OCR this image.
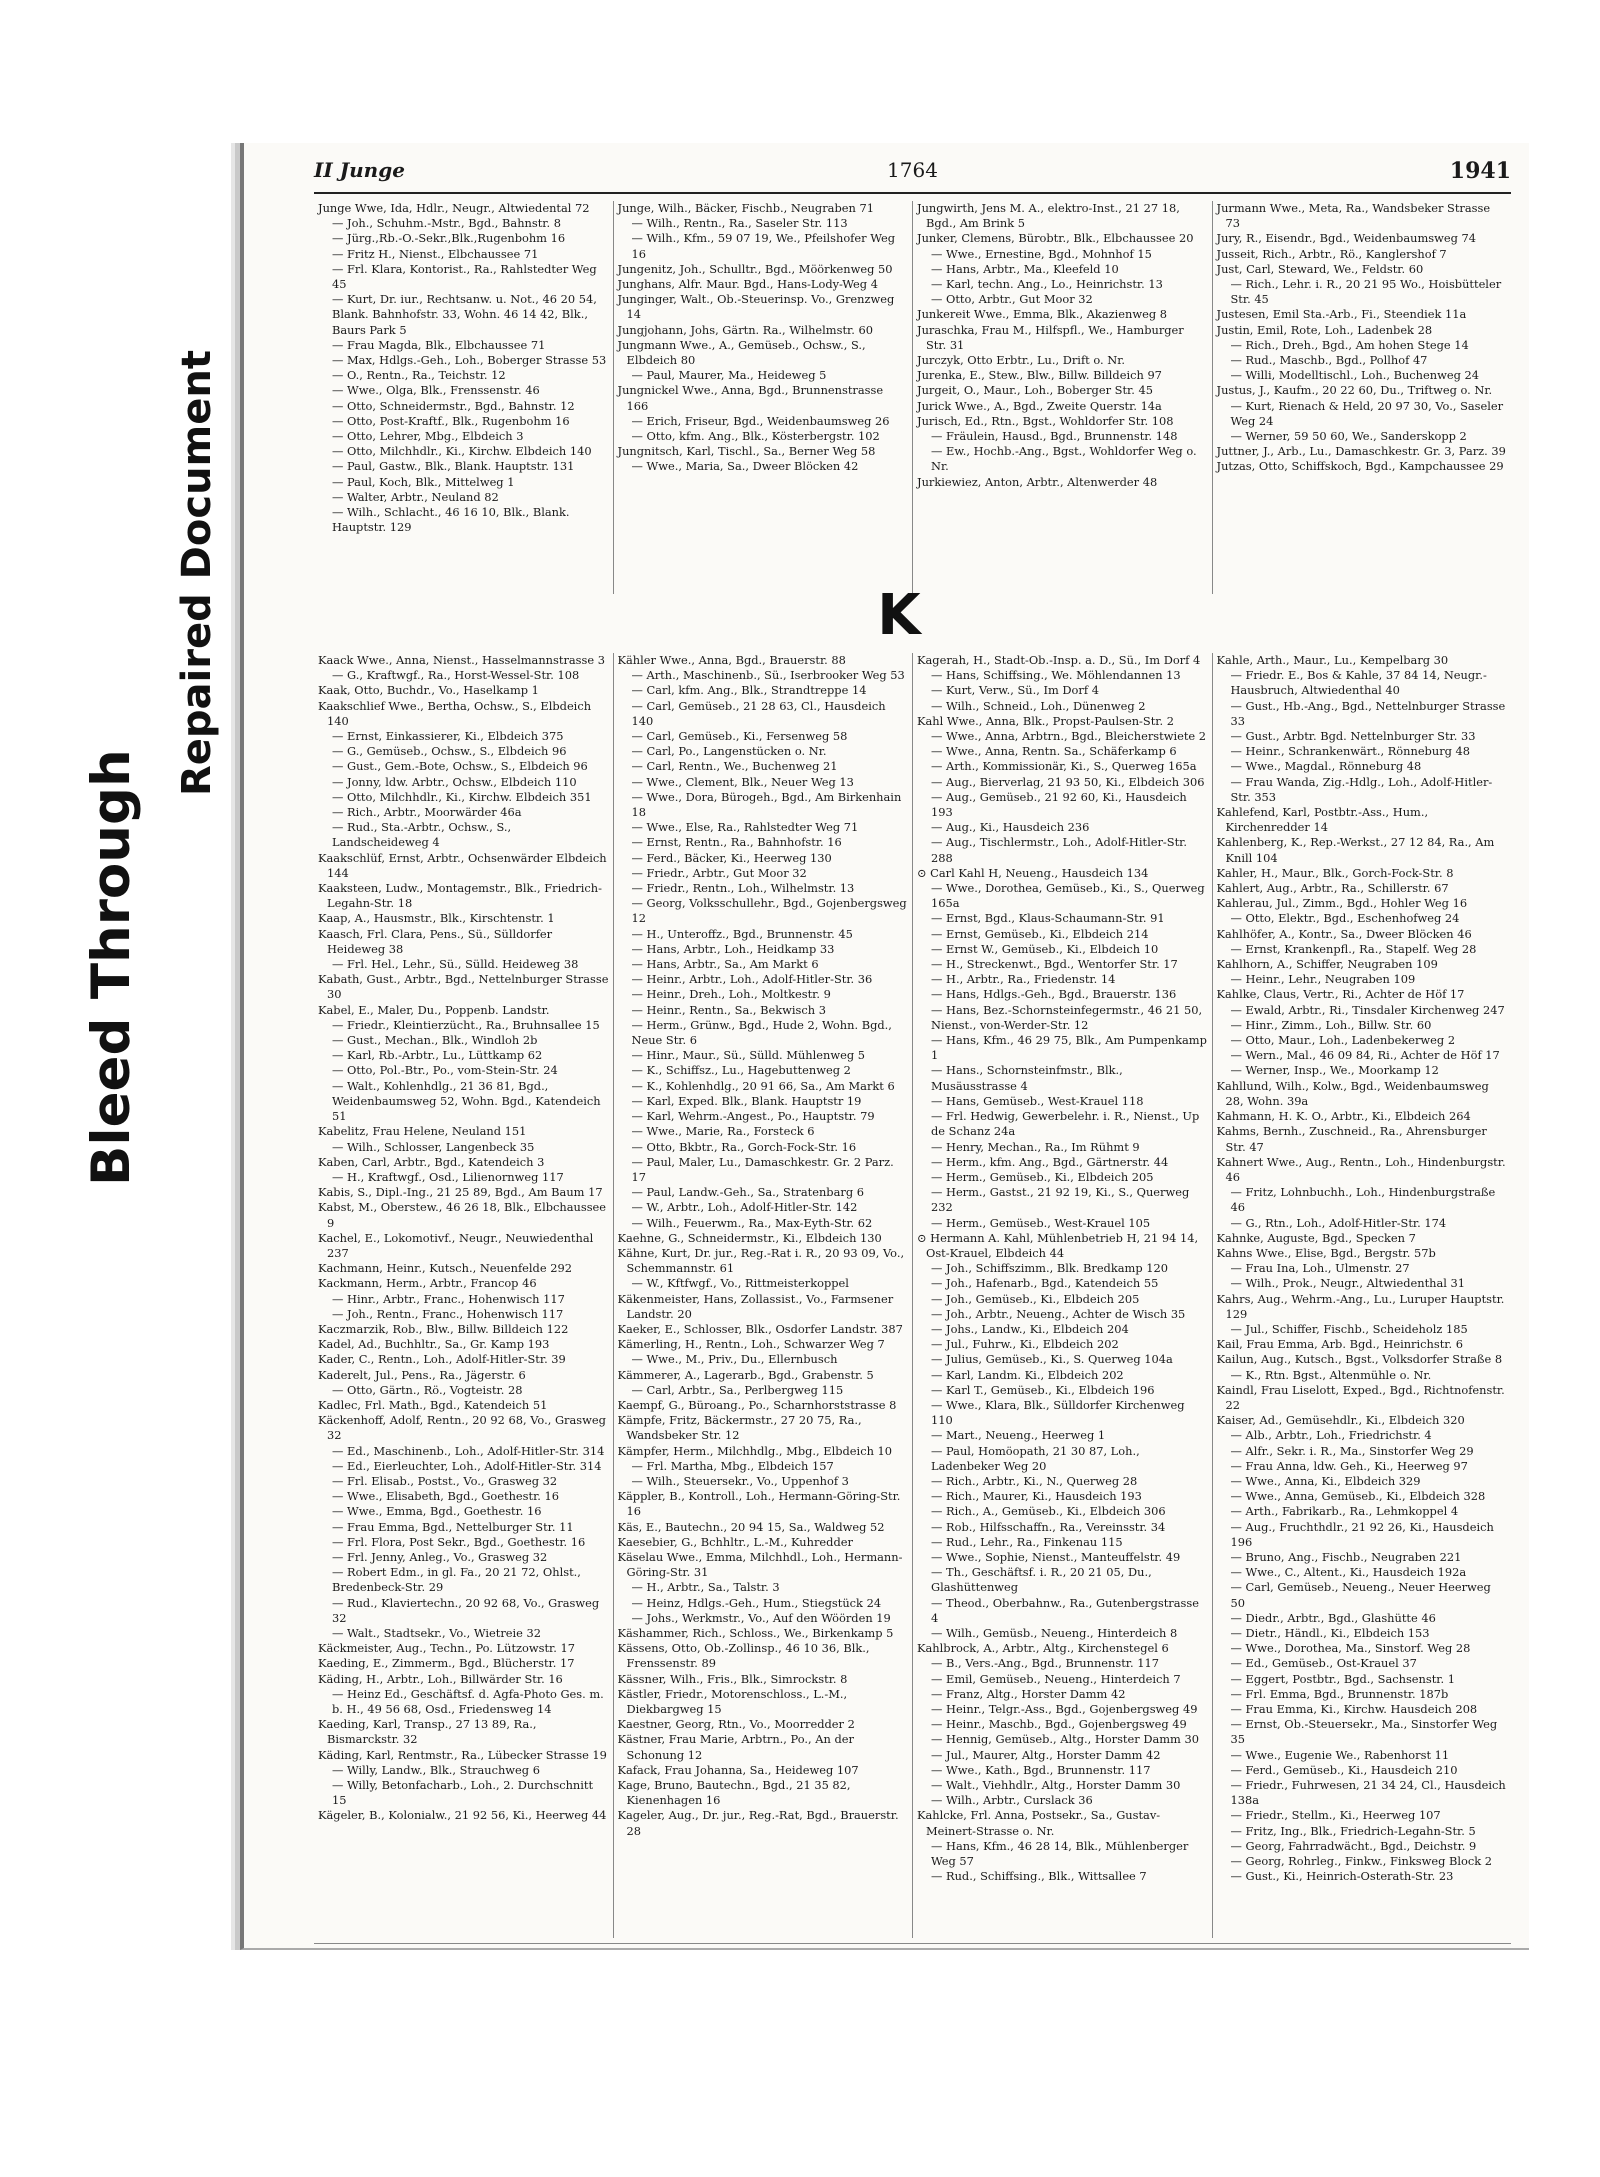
Bleed Through
Repaired Document
1764
II Junge	1941

Junge Wwe, Ida, Hdlr., Neugr., Altwiedental 72

— Joh., Schuhm.-Mstr., Bgd., Bahnstr. 8

— Jürg.,Rb.-O.-Sekr.,Blk.,Rugenbohm 16

— Fritz H., Nienst., Elbchaussee 71

— Frl. Klara, Kontorist., Ra., Rahlstedter Weg 45

— Kurt, Dr. iur., Rechtsanw. u. Not., 46 20 54, Blank. Bahnhofstr. 33, Wohn. 46 14 42, Blk., Baurs Park 5

— Frau Magda, Blk., Elbchaussee 71

— Max, Hdlgs.-Geh., Loh., Boberger Strasse 53

— O., Rentn., Ra., Teichstr. 12

— Wwe., Olga, Blk., Frenssenstr. 46

— Otto, Schneidermstr., Bgd., Bahnstr. 12

— Otto, Post-Kraftf., Blk., Rugenbohm 16

— Otto, Lehrer, Mbg., Elbdeich 3

— Otto, Milchhdlr., Ki., Kirchw. Elbdeich 140

— Paul, Gastw., Blk., Blank. Hauptstr. 131

— Paul, Koch, Blk., Mittelweg 1

— Walter, Arbtr., Neuland 82

— Wilh., Schlacht., 46 16 10, Blk., Blank. Hauptstr. 129

Junge, Wilh., Bäcker, Fischb., Neugraben 71

— Wilh., Rentn., Ra., Saseler Str. 113

— Wilh., Kfm., 59 07 19, We., Pfeilshofer Weg 16

Jungenitz, Joh., Schulltr., Bgd., Möörkenweg 50

Junghans, Alfr. Maur. Bgd., Hans-Lody-Weg 4

Junginger, Walt., Ob.-Steuerinsp. Vo., Grenzweg 14

Jungjohann, Johs, Gärtn. Ra., Wilhelmstr. 60

Jungmann Wwe., A., Gemüseb., Ochsw., S., Elbdeich 80

— Paul, Maurer, Ma., Heideweg 5

Jungnickel Wwe., Anna, Bgd., Brunnenstrasse 166

— Erich, Friseur, Bgd., Weidenbaumsweg 26

— Otto, kfm. Ang., Blk., Kösterbergstr. 102

Jungnitsch, Karl, Tischl., Sa., Berner Weg 58

— Wwe., Maria, Sa., Dweer Blöcken 42

Jungwirth, Jens M. A., elektro-Inst., 21 27 18, Bgd., Am Brink 5

Junker, Clemens, Bürobtr., Blk., Elbchaussee 20

— Wwe., Ernestine, Bgd., Mohnhof 15

— Hans, Arbtr., Ma., Kleefeld 10

— Karl, techn. Ang., Lo., Heinrichstr. 13

— Otto, Arbtr., Gut Moor 32

Junkereit Wwe., Emma, Blk., Akazienweg 8

Juraschka, Frau M., Hilfspfl., We., Hamburger Str. 31

Jurczyk, Otto Erbtr., Lu., Drift o. Nr.

Jurenka, E., Stew., Blw., Billw. Billdeich 97

Jurgeit, O., Maur., Loh., Boberger Str. 45

Jurick Wwe., A., Bgd., Zweite Querstr. 14a

Jurisch, Ed., Rtn., Bgst., Wohldorfer Str. 108

— Fräulein, Hausd., Bgd., Brunnenstr. 148

— Ew., Hochb.-Ang., Bgst., Wohldorfer Weg o. Nr.

Jurkiewiez, Anton, Arbtr., Altenwerder 48

Jurmann Wwe., Meta, Ra., Wandsbeker Strasse 73

Jury, R., Eisendr., Bgd., Weidenbaumsweg 74

Jusseit, Rich., Arbtr., Rö., Kanglershof 7

Just, Carl, Steward, We., Feldstr. 60

— Rich., Lehr. i. R., 20 21 95 Wo., Hoisbütteler Str. 45

Justesen, Emil Sta.-Arb., Fi., Steendiek 11a

Justin, Emil, Rote, Loh., Ladenbek 28

— Rich., Dreh., Bgd., Am hohen Stege 14

— Rud., Maschb., Bgd., Pollhof 47

— Willi, Modelltischl., Loh., Buchenweg 24

Justus, J., Kaufm., 20 22 60, Du., Triftweg o. Nr.

— Kurt, Rienach & Held, 20 97 30, Vo., Saseler Weg 24

— Werner, 59 50 60, We., Sanderskopp 2

Juttner, J., Arb., Lu., Damaschkestr. Gr. 3, Parz. 39

Jutzas, Otto, Schiffskoch, Bgd., Kampchaussee 29

K

Kaack Wwe., Anna, Nienst., Hasselmannstrasse 3

— G., Kraftwgf., Ra., Horst-Wessel-Str. 108

Kaak, Otto, Buchdr., Vo., Haselkamp 1

Kaakschlief Wwe., Bertha, Ochsw., S., Elbdeich 140

— Ernst, Einkassierer, Ki., Elbdeich 375

— G., Gemüseb., Ochsw., S., Elbdeich 96

— Gust., Gem.-Bote, Ochsw., S., Elbdeich 96

— Jonny, ldw. Arbtr., Ochsw., Elbdeich 110

— Otto, Milchhdlr., Ki., Kirchw. Elbdeich 351

— Rich., Arbtr., Moorwärder 46a

— Rud., Sta.-Arbtr., Ochsw., S., Landscheideweg 4

Kaakschlüf, Ernst, Arbtr., Ochsenwärder Elbdeich 144

Kaaksteen, Ludw., Montagemstr., Blk., Friedrich-Legahn-Str. 18

Kaap, A., Hausmstr., Blk., Kirschtenstr. 1

Kaasch, Frl. Clara, Pens., Sü., Sülldorfer Heideweg 38

— Frl. Hel., Lehr., Sü., Sülld. Heideweg 38

Kabath, Gust., Arbtr., Bgd., Nettelnburger Strasse 30

Kabel, E., Maler, Du., Poppenb. Landstr.

— Friedr., Kleintierzücht., Ra., Bruhnsallee 15

— Gust., Mechan., Blk., Windloh 2b

— Karl, Rb.-Arbtr., Lu., Lüttkamp 62

— Otto, Pol.-Btr., Po., vom-Stein-Str. 24

— Walt., Kohlenhdlg., 21 36 81, Bgd., Weidenbaumsweg 52, Wohn. Bgd., Katendeich 51

Kabelitz, Frau Helene, Neuland 151

— Wilh., Schlosser, Langenbeck 35

Kaben, Carl, Arbtr., Bgd., Katendeich 3

— H., Kraftwgf., Osd., Lilienornweg 117

Kabis, S., Dipl.-Ing., 21 25 89, Bgd., Am Baum 17

Kabst, M., Oberstew., 46 26 18, Blk., Elbchaussee 9

Kachel, E., Lokomotivf., Neugr., Neuwiedenthal 237

Kachmann, Heinr., Kutsch., Neuenfelde 292

Kackmann, Herm., Arbtr., Francop 46

— Hinr., Arbtr., Franc., Hohenwisch 117

— Joh., Rentn., Franc., Hohenwisch 117

Kaczmarzik, Rob., Blw., Billw. Billdeich 122

Kadel, Ad., Buchhltr., Sa., Gr. Kamp 193

Kader, C., Rentn., Loh., Adolf-Hitler-Str. 39

Kaderelt, Jul., Pens., Ra., Jägerstr. 6

— Otto, Gärtn., Rö., Vogteistr. 28

Kadlec, Frl. Math., Bgd., Katendeich 51

Käckenhoff, Adolf, Rentn., 20 92 68, Vo., Grasweg 32

— Ed., Maschinenb., Loh., Adolf-Hitler-Str. 314

— Ed., Eierleuchter, Loh., Adolf-Hitler-Str. 314

— Frl. Elisab., Postst., Vo., Grasweg 32

— Wwe., Elisabeth, Bgd., Goethestr. 16

— Wwe., Emma, Bgd., Goethestr. 16

— Frau Emma, Bgd., Nettelburger Str. 11

— Frl. Flora, Post Sekr., Bgd., Goethestr. 16

— Frl. Jenny, Anleg., Vo., Grasweg 32

— Robert Edm., in gl. Fa., 20 21 72, Ohlst., Bredenbeck-Str. 29

— Rud., Klaviertechn., 20 92 68, Vo., Grasweg 32

— Walt., Stadtsekr., Vo., Wietreie 32

Käckmeister, Aug., Techn., Po. Lützowstr. 17

Kaeding, E., Zimmerm., Bgd., Blücherstr. 17

Käding, H., Arbtr., Loh., Billwärder Str. 16

— Heinz Ed., Geschäftsf. d. Agfa-Photo Ges. m. b. H., 49 56 68, Osd., Friedensweg 14

Kaeding, Karl, Transp., 27 13 89, Ra., Bismarckstr. 32

Käding, Karl, Rentmstr., Ra., Lübecker Strasse 19

— Willy, Landw., Blk., Strauchweg 6

— Willy, Betonfacharb., Loh., 2. Durchschnitt 15

Kägeler, B., Kolonialw., 21 92 56, Ki., Heerweg 44

Kähler Wwe., Anna, Bgd., Brauerstr. 88

— Arth., Maschinenb., Sü., Iserbrooker Weg 53

— Carl, kfm. Ang., Blk., Strandtreppe 14

— Carl, Gemüseb., 21 28 63, Cl., Hausdeich 140

— Carl, Gemüseb., Ki., Fersenweg 58

— Carl, Po., Langenstücken o. Nr.

— Carl, Rentn., We., Buchenweg 21

— Wwe., Clement, Blk., Neuer Weg 13

— Wwe., Dora, Bürogeh., Bgd., Am Birkenhain 18

— Wwe., Else, Ra., Rahlstedter Weg 71

— Ernst, Rentn., Ra., Bahnhofstr. 16

— Ferd., Bäcker, Ki., Heerweg 130

— Friedr., Arbtr., Gut Moor 32

— Friedr., Rentn., Loh., Wilhelmstr. 13

— Georg, Volksschullehr., Bgd., Gojenbergsweg 12

— H., Unteroffz., Bgd., Brunnenstr. 45

— Hans, Arbtr., Loh., Heidkamp 33

— Hans, Arbtr., Sa., Am Markt 6

— Heinr., Arbtr., Loh., Adolf-Hitler-Str. 36

— Heinr., Dreh., Loh., Moltkestr. 9

— Heinr., Rentn., Sa., Bekwisch 3

— Herm., Grünw., Bgd., Hude 2, Wohn. Bgd., Neue Str. 6

— Hinr., Maur., Sü., Sülld. Mühlenweg 5

— K., Schiffsz., Lu., Hagebuttenweg 2

— K., Kohlenhdlg., 20 91 66, Sa., Am Markt 6

— Karl, Exped. Blk., Blank. Hauptstr 19

— Karl, Wehrm.-Angest., Po., Hauptstr. 79

— Wwe., Marie, Ra., Forsteck 6

— Otto, Bkbtr., Ra., Gorch-Fock-Str. 16

— Paul, Maler, Lu., Damaschkestr. Gr. 2 Parz. 17

— Paul, Landw.-Geh., Sa., Stratenbarg 6

— W., Arbtr., Loh., Adolf-Hitler-Str. 142

— Wilh., Feuerwm., Ra., Max-Eyth-Str. 62

Kaehne, G., Schneidermstr., Ki., Elbdeich 130

Kähne, Kurt, Dr. jur., Reg.-Rat i. R., 20 93 09, Vo., Schemmannstr. 61

— W., Kftfwgf., Vo., Rittmeisterkoppel

Käkenmeister, Hans, Zollassist., Vo., Farmsener Landstr. 20

Kaeker, E., Schlosser, Blk., Osdorfer Landstr. 387

Kämerling, H., Rentn., Loh., Schwarzer Weg 7

— Wwe., M., Priv., Du., Ellernbusch

Kämmerer, A., Lagerarb., Bgd., Grabenstr. 5

— Carl, Arbtr., Sa., Perlbergweg 115

Kaempf, G., Büroang., Po., Scharnhorststrasse 8

Kämpfe, Fritz, Bäckermstr., 27 20 75, Ra., Wandsbeker Str. 12

Kämpfer, Herm., Milchhdlg., Mbg., Elbdeich 10

— Frl. Martha, Mbg., Elbdeich 157

— Wilh., Steuersekr., Vo., Uppenhof 3

Käppler, B., Kontroll., Loh., Hermann-Göring-Str. 16

Käs, E., Bautechn., 20 94 15, Sa., Waldweg 52

Kaesebier, G., Bchhltr., L.-M., Kuhredder

Käselau Wwe., Emma, Milchhdl., Loh., Hermann-Göring-Str. 31

— H., Arbtr., Sa., Talstr. 3

— Heinz, Hdlgs.-Geh., Hum., Stiegstück 24

— Johs., Werkmstr., Vo., Auf den Wöörden 19

Käshammer, Rich., Schloss., We., Birkenkamp 5

Kässens, Otto, Ob.-Zollinsp., 46 10 36, Blk., Frenssenstr. 89

Kässner, Wilh., Fris., Blk., Simrockstr. 8

Kästler, Friedr., Motorenschloss., L.-M., Diekbargweg 15

Kaestner, Georg, Rtn., Vo., Moorredder 2

Kästner, Frau Marie, Arbtrn., Po., An der Schonung 12

Kafack, Frau Johanna, Sa., Heideweg 107

Kage, Bruno, Bautechn., Bgd., 21 35 82, Kienenhagen 16

Kageler, Aug., Dr. jur., Reg.-Rat, Bgd., Brauerstr. 28

Kagerah, H., Stadt-Ob.-Insp. a. D., Sü., Im Dorf 4

— Hans, Schiffsing., We. Möhlendannen 13

— Kurt, Verw., Sü., Im Dorf 4

— Wilh., Schneid., Loh., Dünenweg 2

Kahl Wwe., Anna, Blk., Propst-Paulsen-Str. 2

— Wwe., Anna, Arbtrn., Bgd., Bleicherstwiete 2

— Wwe., Anna, Rentn. Sa., Schäferkamp 6

— Arth., Kommissionär, Ki., S., Querweg 165a

— Aug., Bierverlag, 21 93 50, Ki., Elbdeich 306

— Aug., Gemüseb., 21 92 60, Ki., Hausdeich 193

— Aug., Ki., Hausdeich 236

— Aug., Tischlermstr., Loh., Adolf-Hitler-Str. 288

⊙ Carl Kahl H, Neueng., Hausdeich 134

— Wwe., Dorothea, Gemüseb., Ki., S., Querweg 165a

— Ernst, Bgd., Klaus-Schaumann-Str. 91

— Ernst, Gemüseb., Ki., Elbdeich 214

— Ernst W., Gemüseb., Ki., Elbdeich 10

— H., Streckenwt., Bgd., Wentorfer Str. 17

— H., Arbtr., Ra., Friedenstr. 14

— Hans, Hdlgs.-Geh., Bgd., Brauerstr. 136

— Hans, Bez.-Schornsteinfegermstr., 46 21 50, Nienst., von-Werder-Str. 12

— Hans, Kfm., 46 29 75, Blk., Am Pumpenkamp 1

— Hans., Schornsteinfmstr., Blk., Musäusstrasse 4

— Hans, Gemüseb., West-Krauel 118

— Frl. Hedwig, Gewerbelehr. i. R., Nienst., Up de Schanz 24a

— Henry, Mechan., Ra., Im Rühmt 9

— Herm., kfm. Ang., Bgd., Gärtnerstr. 44

— Herm., Gemüseb., Ki., Elbdeich 205

— Herm., Gastst., 21 92 19, Ki., S., Querweg 232

— Herm., Gemüseb., West-Krauel 105

⊙ Hermann A. Kahl, Mühlenbetrieb H, 21 94 14, Ost-Krauel, Elbdeich 44

— Joh., Schiffszimm., Blk. Bredkamp 120

— Joh., Hafenarb., Bgd., Katendeich 55

— Joh., Gemüseb., Ki., Elbdeich 205

— Joh., Arbtr., Neueng., Achter de Wisch 35

— Johs., Landw., Ki., Elbdeich 204

— Jul., Fuhrw., Ki., Elbdeich 202

— Julius, Gemüseb., Ki., S. Querweg 104a

— Karl, Landm. Ki., Elbdeich 202

— Karl T., Gemüseb., Ki., Elbdeich 196

— Wwe., Klara, Blk., Sülldorfer Kirchenweg 110

— Mart., Neueng., Heerweg 1

— Paul, Homöopath, 21 30 87, Loh., Ladenbeker Weg 20

— Rich., Arbtr., Ki., N., Querweg 28

— Rich., Maurer, Ki., Hausdeich 193

— Rich., A., Gemüseb., Ki., Elbdeich 306

— Rob., Hilfsschaffn., Ra., Vereinsstr. 34

— Rud., Lehr., Ra., Finkenau 115

— Wwe., Sophie, Nienst., Manteuffelstr. 49

— Th., Geschäftsf. i. R., 20 21 05, Du., Glashüttenweg

— Theod., Oberbahnw., Ra., Gutenbergstrasse 4

— Wilh., Gemüsb., Neueng., Hinterdeich 8

Kahlbrock, A., Arbtr., Altg., Kirchenstegel 6

— B., Vers.-Ang., Bgd., Brunnenstr. 117

— Emil, Gemüseb., Neueng., Hinterdeich 7

— Franz, Altg., Horster Damm 42

— Heinr., Telgr.-Ass., Bgd., Gojenbergsweg 49

— Heinr., Maschb., Bgd., Gojenbergsweg 49

— Hennig, Gemüseb., Altg., Horster Damm 30

— Jul., Maurer, Altg., Horster Damm 42

— Wwe., Kath., Bgd., Brunnenstr. 117

— Walt., Viehhdlr., Altg., Horster Damm 30

— Wilh., Arbtr., Curslack 36

Kahlcke, Frl. Anna, Postsekr., Sa., Gustav-Meinert-Strasse o. Nr.

— Hans, Kfm., 46 28 14, Blk., Mühlenberger Weg 57

— Rud., Schiffsing., Blk., Wittsallee 7

Kahle, Arth., Maur., Lu., Kempelbarg 30

— Friedr. E., Bos & Kahle, 37 84 14, Neugr.-Hausbruch, Altwiedenthal 40

— Gust., Hb.-Ang., Bgd., Nettelnburger Strasse 33

— Gust., Arbtr. Bgd. Nettelnburger Str. 33

— Heinr., Schrankenwärt., Rönneburg 48

— Wwe., Magdal., Rönneburg 48

— Frau Wanda, Zig.-Hdlg., Loh., Adolf-Hitler-Str. 353

Kahlefend, Karl, Postbtr.-Ass., Hum., Kirchenredder 14

Kahlenberg, K., Rep.-Werkst., 27 12 84, Ra., Am Knill 104

Kahler, H., Maur., Blk., Gorch-Fock-Str. 8

Kahlert, Aug., Arbtr., Ra., Schillerstr. 67

Kahlerau, Jul., Zimm., Bgd., Hohler Weg 16

— Otto, Elektr., Bgd., Eschenhofweg 24

Kahlhöfer, A., Kontr., Sa., Dweer Blöcken 46

— Ernst, Krankenpfl., Ra., Stapelf. Weg 28

Kahlhorn, A., Schiffer, Neugraben 109

— Heinr., Lehr., Neugraben 109

Kahlke, Claus, Vertr., Ri., Achter de Höf 17

— Ewald, Arbtr., Ri., Tinsdaler Kirchenweg 247

— Hinr., Zimm., Loh., Billw. Str. 60

— Otto, Maur., Loh., Ladenbekerweg 2

— Wern., Mal., 46 09 84, Ri., Achter de Höf 17

— Werner, Insp., We., Moorkamp 12

Kahllund, Wilh., Kolw., Bgd., Weidenbaumsweg 28, Wohn. 39a

Kahmann, H. K. O., Arbtr., Ki., Elbdeich 264

Kahms, Bernh., Zuschneid., Ra., Ahrensburger Str. 47

Kahnert Wwe., Aug., Rentn., Loh., Hindenburgstr. 46

— Fritz, Lohnbuchh., Loh., Hindenburgstraße 46

— G., Rtn., Loh., Adolf-Hitler-Str. 174

Kahnke, Auguste, Bgd., Specken 7

Kahns Wwe., Elise, Bgd., Bergstr. 57b

— Frau Ina, Loh., Ulmenstr. 27

— Wilh., Prok., Neugr., Altwiedenthal 31

Kahrs, Aug., Wehrm.-Ang., Lu., Luruper Hauptstr. 129

— Jul., Schiffer, Fischb., Scheideholz 185

Kail, Frau Emma, Arb. Bgd., Heinrichstr. 6

Kailun, Aug., Kutsch., Bgst., Volksdorfer Straße 8

— K., Rtn. Bgst., Altenmühle o. Nr.

Kaindl, Frau Liselott, Exped., Bgd., Richtnofenstr. 22

Kaiser, Ad., Gemüsehdlr., Ki., Elbdeich 320

— Alb., Arbtr., Loh., Friedrichstr. 4

— Alfr., Sekr. i. R., Ma., Sinstorfer Weg 29

— Frau Anna, ldw. Geh., Ki., Heerweg 97

— Wwe., Anna, Ki., Elbdeich 329

— Wwe., Anna, Gemüseb., Ki., Elbdeich 328

— Arth., Fabrikarb., Ra., Lehmkoppel 4

— Aug., Fruchthdlr., 21 92 26, Ki., Hausdeich 196

— Bruno, Ang., Fischb., Neugraben 221

— Wwe., C., Altent., Ki., Hausdeich 192a

— Carl, Gemüseb., Neueng., Neuer Heerweg 50

— Diedr., Arbtr., Bgd., Glashütte 46

— Dietr., Händl., Ki., Elbdeich 153

— Wwe., Dorothea, Ma., Sinstorf. Weg 28

— Ed., Gemüseb., Ost-Krauel 37

— Eggert, Postbtr., Bgd., Sachsenstr. 1

— Frl. Emma, Bgd., Brunnenstr. 187b

— Frau Emma, Ki., Kirchw. Hausdeich 208

— Ernst, Ob.-Steuersekr., Ma., Sinstorfer Weg 35

— Wwe., Eugenie We., Rabenhorst 11

— Ferd., Gemüseb., Ki., Hausdeich 210

— Friedr., Fuhrwesen, 21 34 24, Cl., Hausdeich 138a

— Friedr., Stellm., Ki., Heerweg 107

— Fritz, Ing., Blk., Friedrich-Legahn-Str. 5

— Georg, Fahrradwächt., Bgd., Deichstr. 9

— Georg, Rohrleg., Finkw., Finksweg Block 2

— Gust., Ki., Heinrich-Osterath-Str. 23
